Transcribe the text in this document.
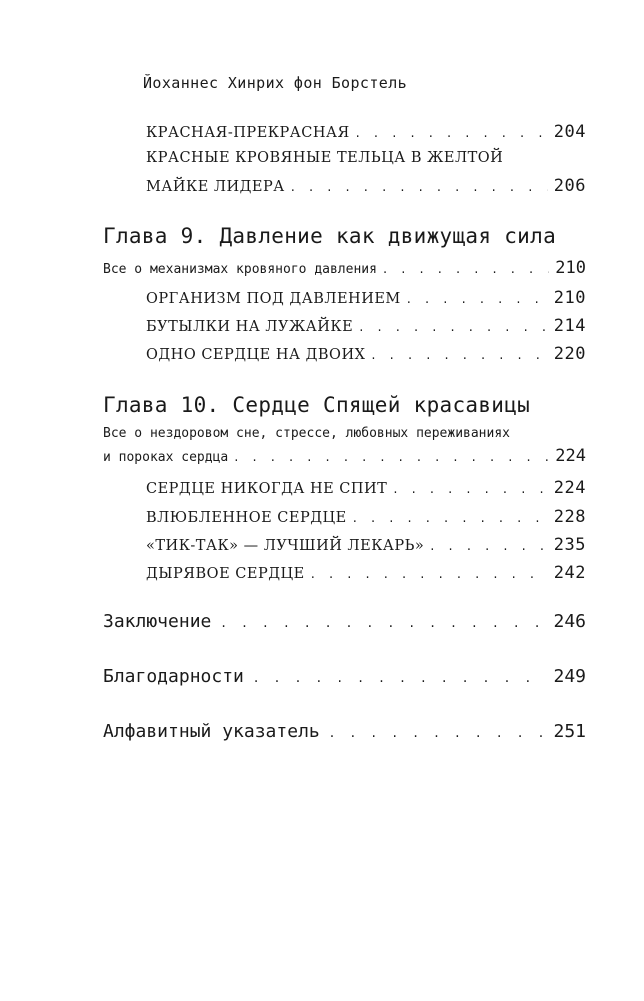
Йоханнес Хинрих фон Борстель
КРАСНАЯ-ПРЕКРАСНАЯ . . .	204
КРАСНЫЕ КРОВЯНЫЕ ТЕЛЬЦА В ЖЕЛТОЙ
МАЙКЕ ЛИДЕРА . . .	206
Глава 9. Давление как движущая сила
Все о механизмах кровяного давления . . .	210
ОРГАНИЗМ ПОД ДАВЛЕНИЕМ . . .	210
БУТЫЛКИ НА ЛУЖАЙКЕ . . .	214
ОДНО СЕРДЦЕ НА ДВОИХ . . .	220
Глава 10. Сердце Спящей красавицы
Все о нездоровом сне, стрессе, любовных переживаниях
и пороках сердца . . .	224
СЕРДЦЕ НИКОГДА НЕ СПИТ . . .	224
ВЛЮБЛЕННОЕ СЕРДЦЕ . . .	228
«ТИК-ТАК» — ЛУЧШИЙ ЛЕКАРЬ» . . .	235
ДЫРЯВОЕ СЕРДЦЕ . . .	242
Заключение . . .	246
Благодарности . . .	249
Алфавитный указатель . . .	251
